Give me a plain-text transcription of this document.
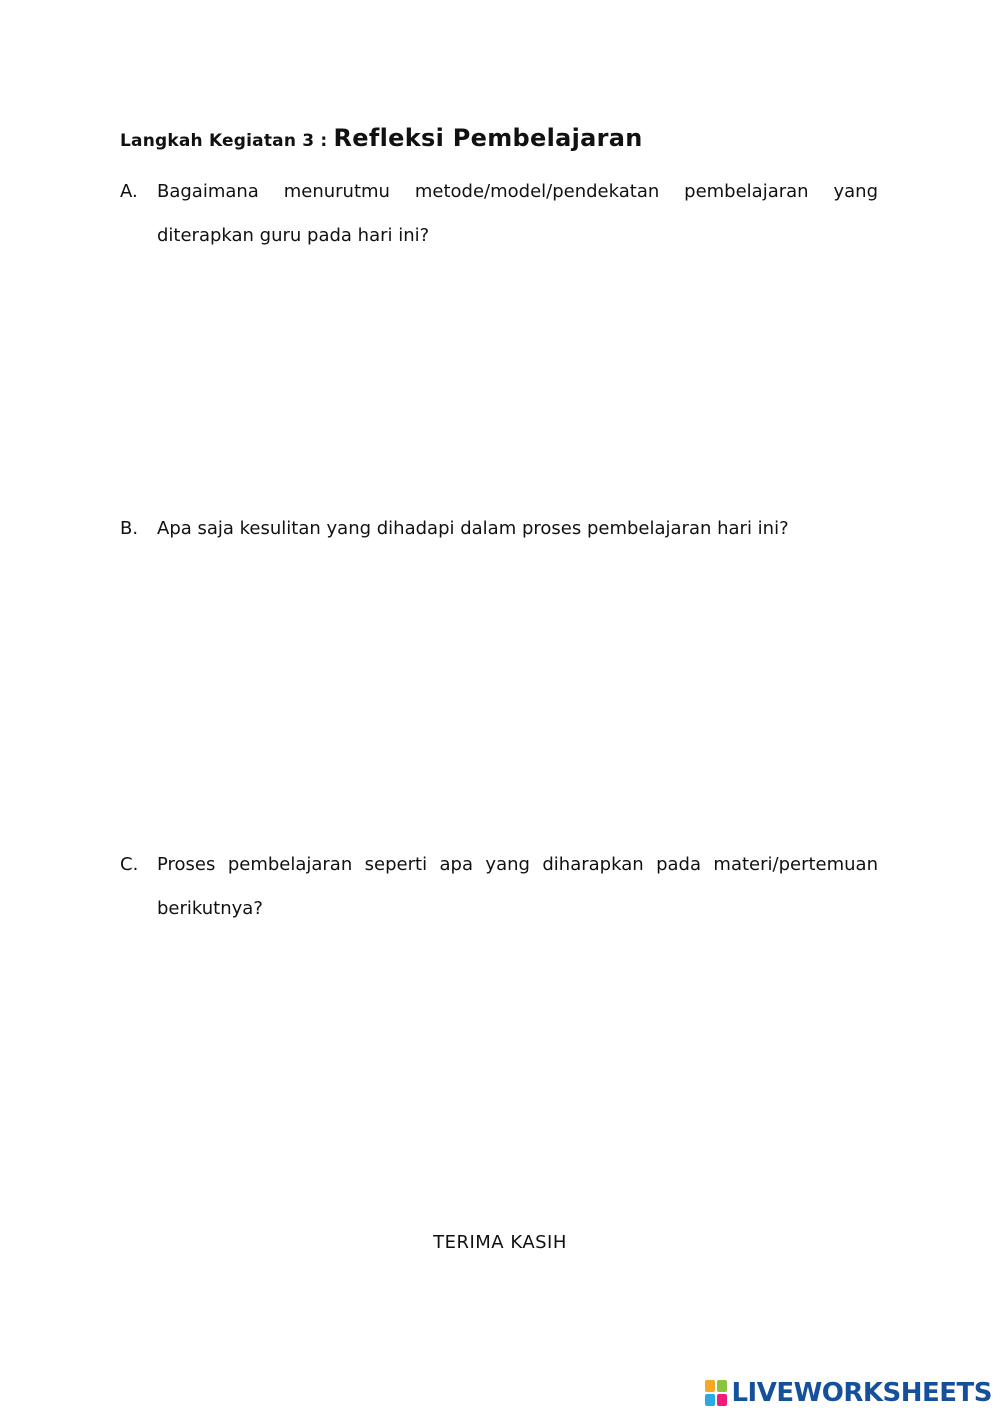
Langkah Kegiatan 3 : Refleksi Pembelajaran
A.	Bagaimana menurutmu metode/model/pendekatan pembelajaran yang diterapkan guru pada hari ini?
B.	Apa saja kesulitan yang dihadapi dalam proses pembelajaran hari ini?
C.	Proses pembelajaran seperti apa yang diharapkan pada materi/pertemuan berikutnya?
TERIMA KASIH
LIVEWORKSHEETS
